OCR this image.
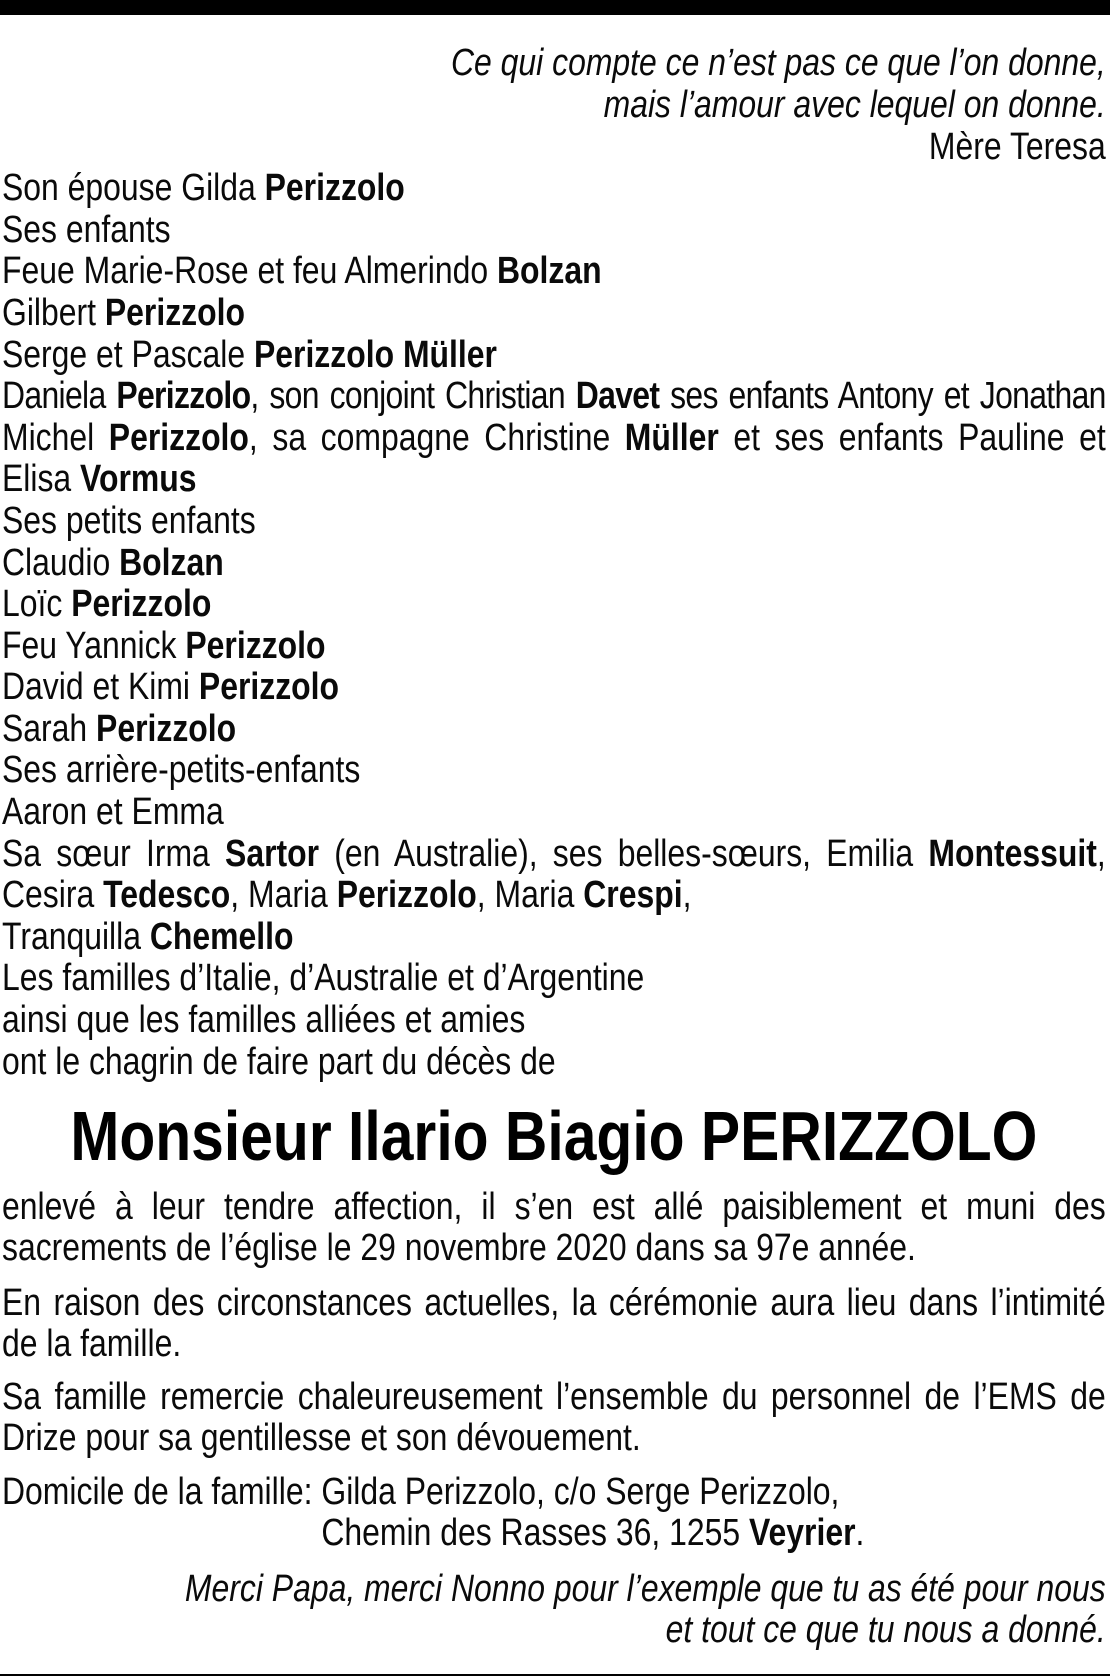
Ce qui compte ce n’est pas ce que l’on donne,
mais l’amour avec lequel on donne.
Mère Teresa
Son épouse Gilda Perizzolo
Ses enfants
Feue Marie-Rose et feu Almerindo Bolzan
Gilbert Perizzolo
Serge et Pascale Perizzolo Müller
Daniela Perizzolo, son conjoint Christian Davet ses enfants Antony et Jonathan
Michel Perizzolo, sa compagne Christine Müller et ses enfants Pauline et
Elisa Vormus
Ses petits enfants
Claudio Bolzan
Loïc Perizzolo
Feu Yannick Perizzolo
David et Kimi Perizzolo
Sarah Perizzolo
Ses arrière-petits-enfants
Aaron et Emma
Sa sœur Irma Sartor (en Australie), ses belles-sœurs, Emilia Montessuit,
Cesira Tedesco, Maria Perizzolo, Maria Crespi,
Tranquilla Chemello
Les familles d’Italie, d’Australie et d’Argentine
ainsi que les familles alliées et amies
ont le chagrin de faire part du décès de
Monsieur Ilario Biagio PERIZZOLO
enlevé à leur tendre affection, il s’en est allé paisiblement et muni des
sacrements de l’église le 29 novembre 2020 dans sa 97e année.
En raison des circonstances actuelles, la cérémonie aura lieu dans l’intimité
de la famille.
Sa famille remercie chaleureusement l’ensemble du personnel de l’EMS de
Drize pour sa gentillesse et son dévouement.
Domicile de la famille: Gilda Perizzolo, c/o Serge Perizzolo,
Chemin des Rasses 36, 1255 Veyrier.
Merci Papa, merci Nonno pour l’exemple que tu as été pour nous
et tout ce que tu nous a donné.
